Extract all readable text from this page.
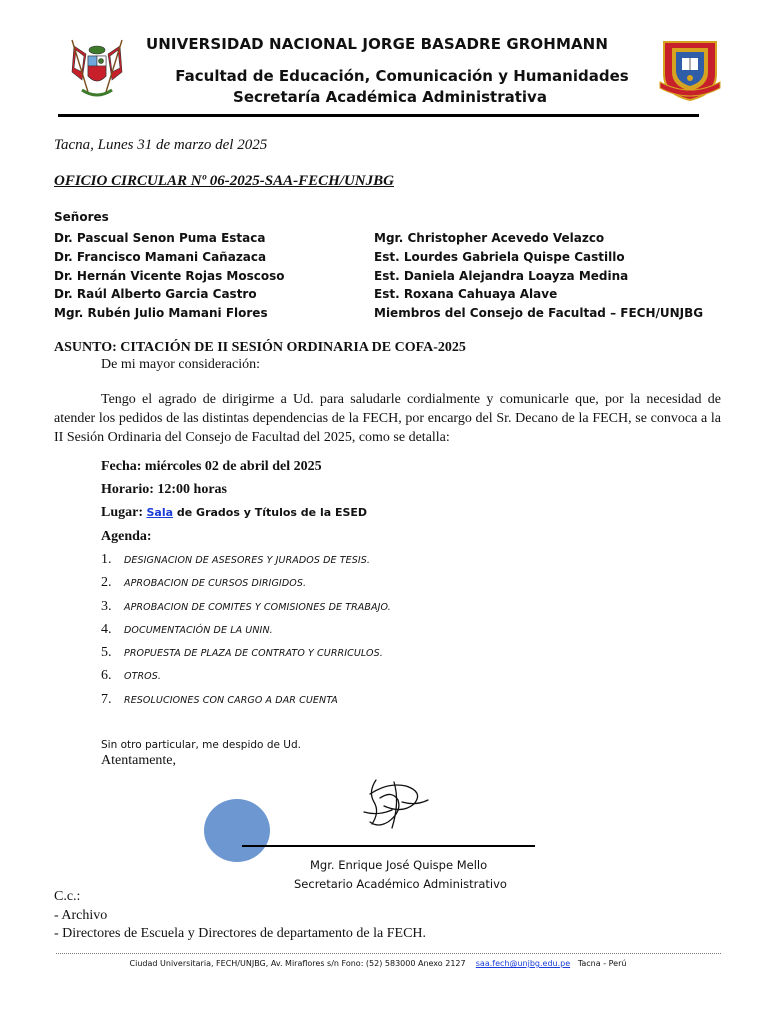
UNIVERSIDAD NACIONAL JORGE BASADRE GROHMANN
Facultad de Educación, Comunicación y Humanidades
Secretaría Académica Administrativa
Tacna, Lunes 31 de marzo del 2025
OFICIO CIRCULAR Nº 06-2025-SAA-FECH/UNJBG
Señores
Dr. Pascual Senon Puma Estaca
Dr. Francisco Mamani Cañazaca
Dr. Hernán Vicente Rojas Moscoso
Dr. Raúl Alberto Garcia Castro
Mgr. Rubén Julio Mamani Flores
Mgr. Christopher Acevedo Velazco
Est. Lourdes Gabriela Quispe Castillo
Est. Daniela Alejandra Loayza Medina
Est. Roxana Cahuaya Alave
Miembros del Consejo de Facultad – FECH/UNJBG
ASUNTO: CITACIÓN DE II SESIÓN ORDINARIA DE COFA-2025
De mi mayor consideración:
Tengo el agrado de dirigirme a Ud. para saludarle cordialmente y comunicarle que, por la necesidad de atender los pedidos de las distintas dependencias de la FECH, por encargo del Sr. Decano de la FECH, se convoca a la II Sesión Ordinaria del Consejo de Facultad del 2025, como se detalla:
Fecha: miércoles 02 de abril del 2025
Horario: 12:00 horas
Lugar: Sala de Grados y Títulos de la ESED
Agenda:
1. DESIGNACION DE ASESORES Y JURADOS DE TESIS.
2. APROBACION DE CURSOS DIRIGIDOS.
3. APROBACION DE COMITES Y COMISIONES DE TRABAJO.
4. DOCUMENTACIÓN DE LA UNIN.
5. PROPUESTA DE PLAZA DE CONTRATO Y CURRICULOS.
6. OTROS.
7. RESOLUCIONES CON CARGO A DAR CUENTA
Sin otro particular, me despido de Ud.
Atentamente,
Mgr. Enrique José Quispe Mello
Secretario Académico Administrativo
C.c.:
- Archivo
- Directores de Escuela y Directores de departamento de la FECH.
Ciudad Universitaria, FECH/UNJBG, Av. Miraflores s/n Fono: (52) 583000 Anexo 2127 saa.fech@unjbg.edu.pe Tacna - Perú
